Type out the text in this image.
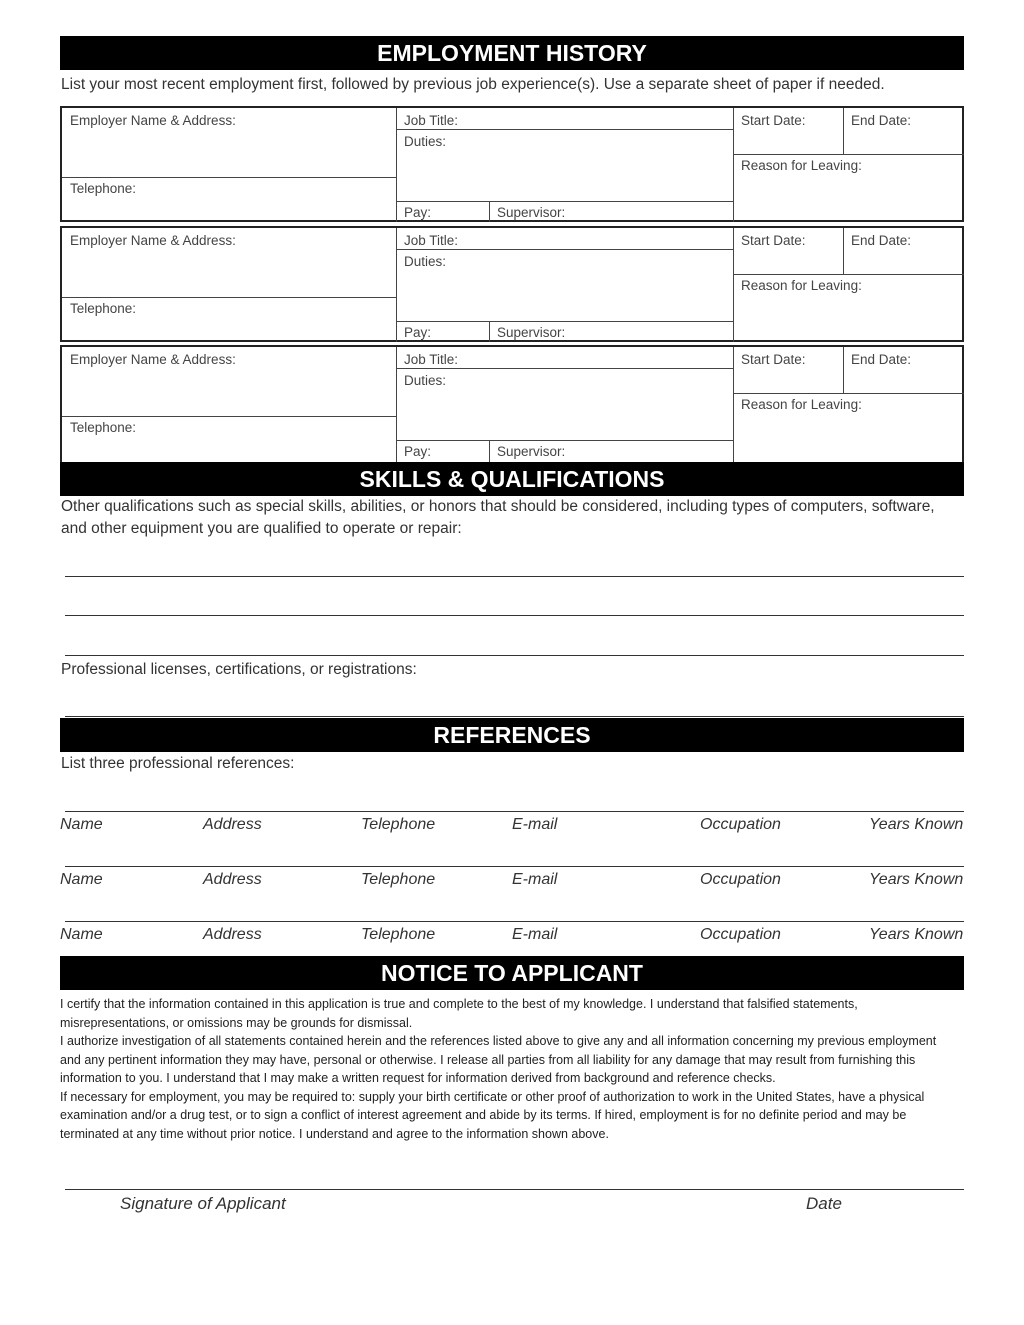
EMPLOYMENT HISTORY
List your most recent employment first, followed by previous job experience(s). Use a separate sheet of paper if needed.
Employer Name & Address:
Telephone:
Job Title:
Duties:
Pay:	Supervisor:
Start Date:	End Date:
Reason for Leaving:
Employer Name & Address:
Telephone:
Job Title:
Duties:
Pay:	Supervisor:
Start Date:	End Date:
Reason for Leaving:
Employer Name & Address:
Telephone:
Job Title:
Duties:
Pay:	Supervisor:
Start Date:	End Date:
Reason for Leaving:
SKILLS & QUALIFICATIONS
Other qualifications such as special skills, abilities, or honors that should be considered, including types of computers, software, and other equipment you are qualified to operate or repair:
Professional licenses, certifications, or registrations:
REFERENCES
List three professional references:
Name	Address	Telephone	E-mail	Occupation	Years Known
Name	Address	Telephone	E-mail	Occupation	Years Known
Name	Address	Telephone	E-mail	Occupation	Years Known
NOTICE TO APPLICANT

I certify that the information contained in this application is true and complete to the best of my knowledge. I understand that falsified statements, misrepresentations, or omissions may be grounds for dismissal.

I authorize investigation of all statements contained herein and the references listed above to give any and all information concerning my previous employment and any pertinent information they may have, personal or otherwise. I release all parties from all liability for any damage that may result from furnishing this information to you. I understand that I may make a written request for information derived from background and reference checks.

If necessary for employment, you may be required to: supply your birth certificate or other proof of authorization to work in the United States, have a physical examination and/or a drug test, or to sign a conflict of interest agreement and abide by its terms. If hired, employment is for no definite period and may be terminated at any time without prior notice. I understand and agree to the information shown above.

Signature of Applicant	Date
